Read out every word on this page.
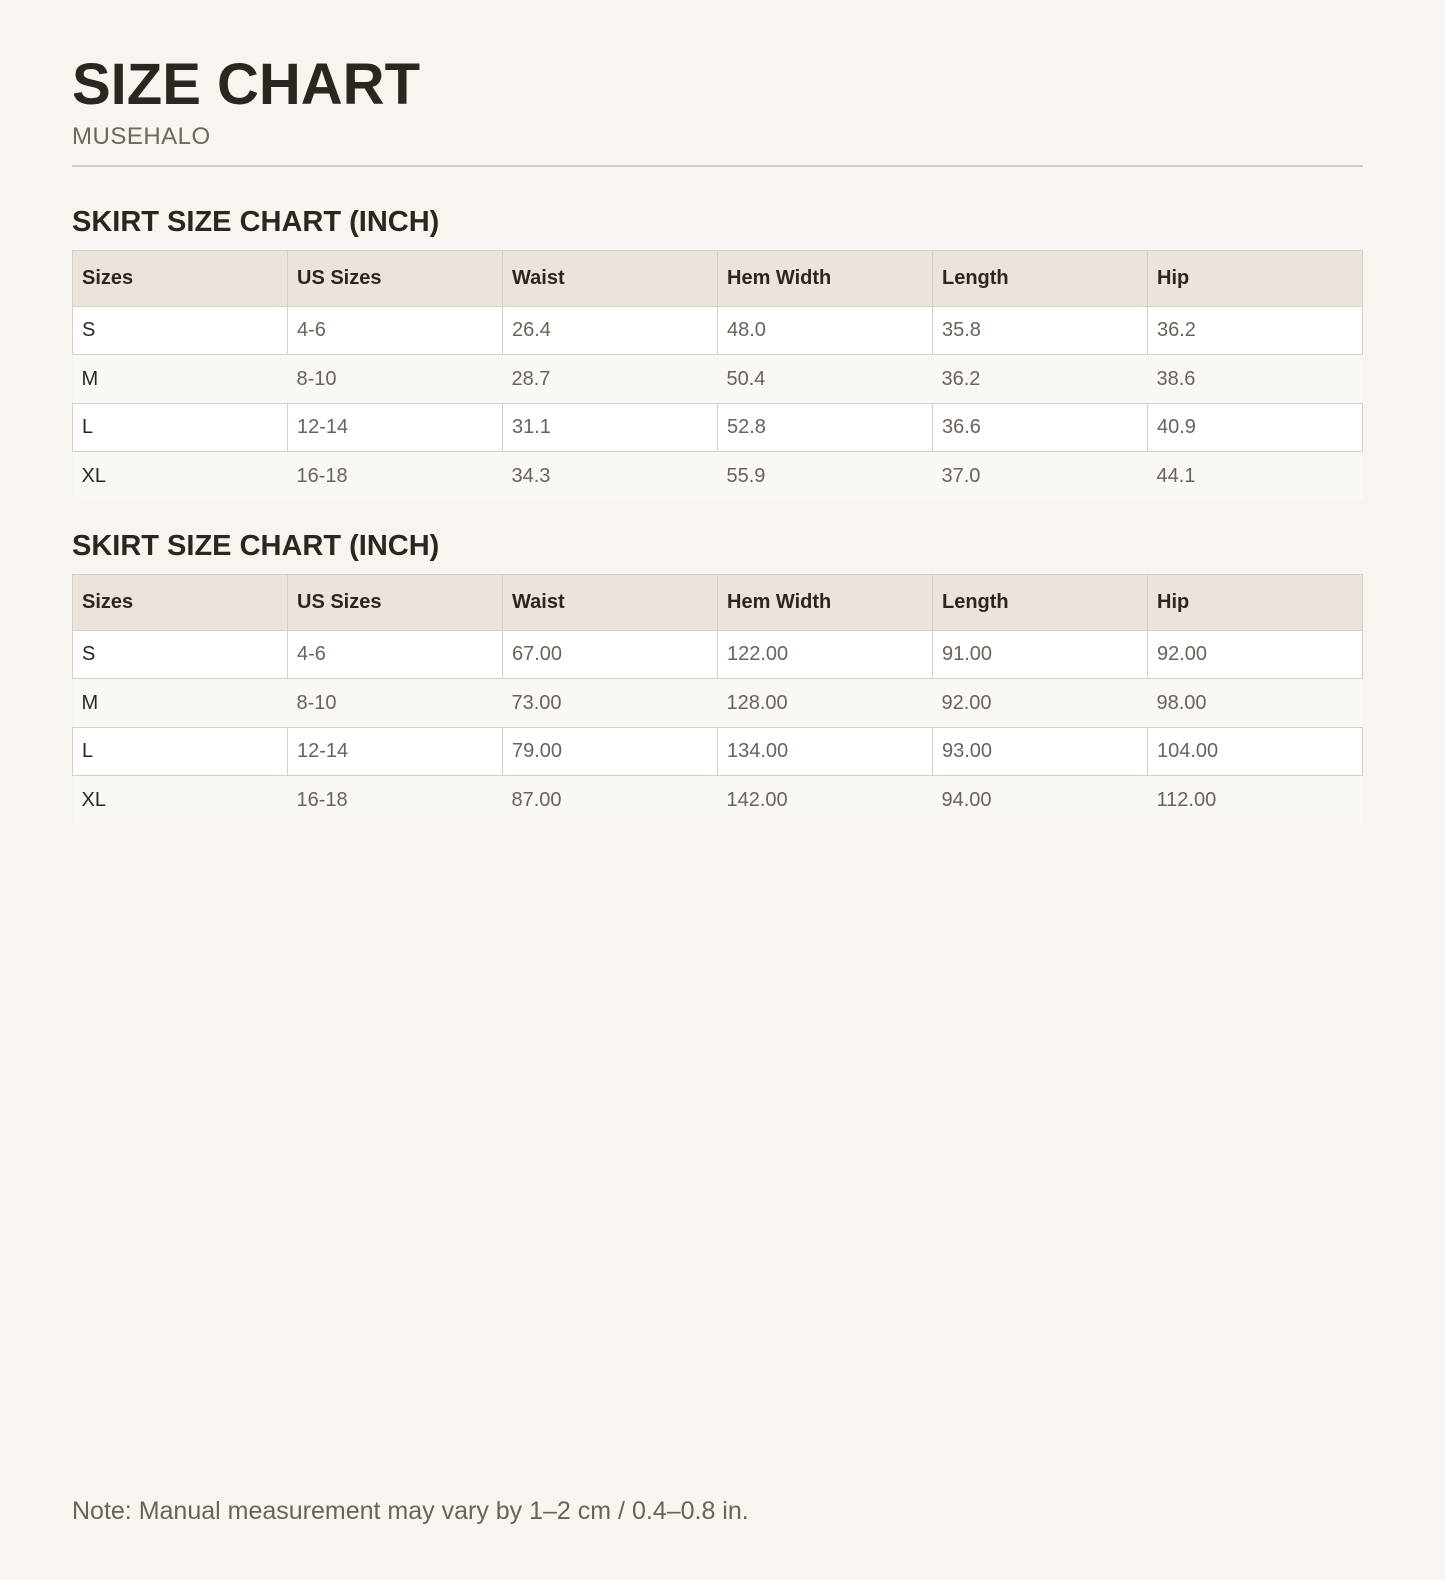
SIZE CHART
MUSEHALO
SKIRT SIZE CHART (INCH)
Sizes	US Sizes	Waist	Hem Width	Length	Hip
S	4-6	26.4	48.0	35.8	36.2
M	8-10	28.7	50.4	36.2	38.6
L	12-14	31.1	52.8	36.6	40.9
XL	16-18	34.3	55.9	37.0	44.1
SKIRT SIZE CHART (INCH)
Sizes	US Sizes	Waist	Hem Width	Length	Hip
S	4-6	67.00	122.00	91.00	92.00
M	8-10	73.00	128.00	92.00	98.00
L	12-14	79.00	134.00	93.00	104.00
XL	16-18	87.00	142.00	94.00	112.00
Note: Manual measurement may vary by 1–2 cm / 0.4–0.8 in.
